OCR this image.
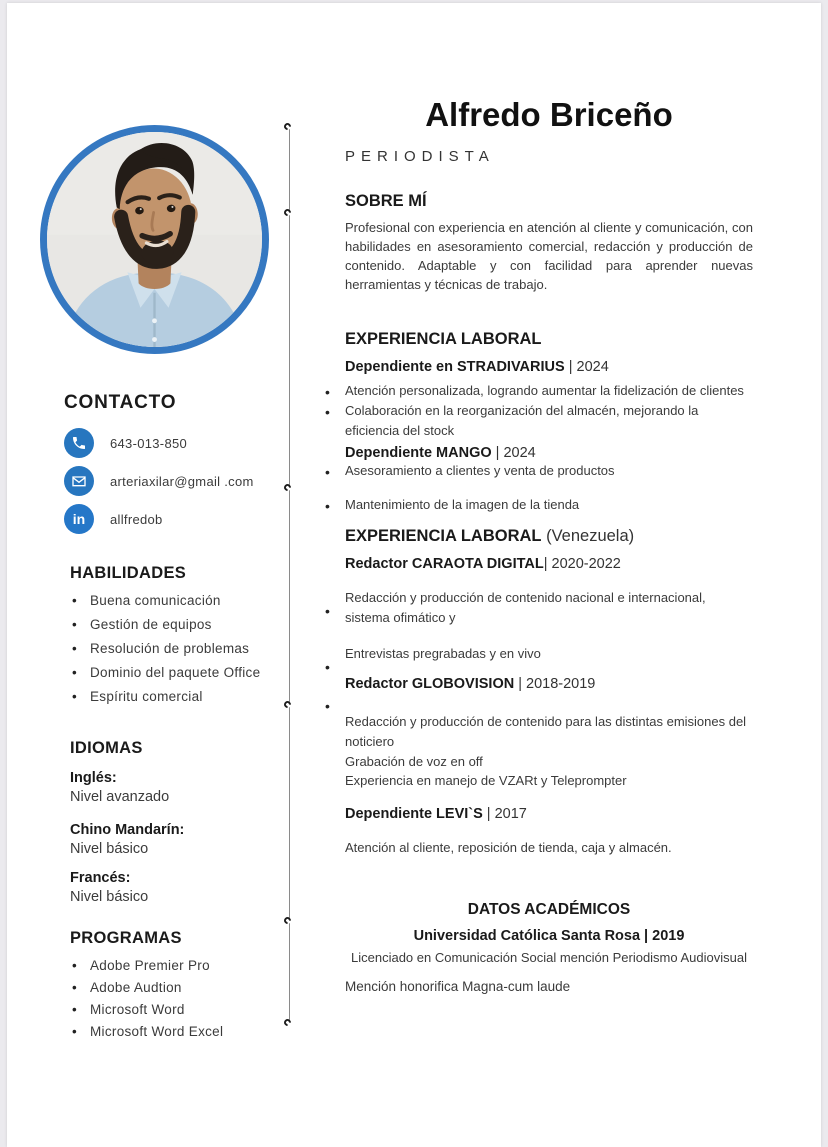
CONTACTO
643-013-850
arteriaxilar@gmail .com
in allfredob
HABILIDADES
• Buena comunicación
• Gestión de equipos
• Resolución de problemas
• Dominio del paquete Office
• Espíritu comercial
IDIOMAS
Inglés:
Nivel avanzado
Chino Mandarín:
Nivel básico
Francés:
Nivel básico
PROGRAMAS
• Adobe Premier Pro
• Adobe Audtion
• Microsoft Word
• Microsoft Word Excel
Alfredo Briceño
PERIODISTA
SOBRE MÍ

Profesional con experiencia en atención al cliente y comunicación, con habilidades en asesoramiento comercial, redacción y producción de contenido. Adaptable y con facilidad para aprender nuevas herramientas y técnicas de trabajo.

EXPERIENCIA LABORAL
Dependiente en STRADIVARIUS | 2024
• Atención personalizada, logrando aumentar la fidelización de clientes
• Colaboración en la reorganización del almacén, mejorando la eficiencia del stock
Dependiente MANGO | 2024
• Asesoramiento a clientes y venta de productos
• Mantenimiento de la imagen de la tienda
EXPERIENCIA LABORAL (Venezuela)
Redactor CARAOTA DIGITAL| 2020-2022
• Redacción y producción de contenido nacional e internacional, sistema ofimático y
• Entrevistas pregrabadas y en vivo
Redactor GLOBOVISION | 2018-2019
• Redacción y producción de contenido para las distintas emisiones del noticiero
Grabación de voz en off
Experiencia en manejo de VZARt y Teleprompter
Dependiente LEVI`S | 2017
Atención al cliente, reposición de tienda, caja y almacén.
DATOS ACADÉMICOS
Universidad Católica Santa Rosa | 2019
Licenciado en Comunicación Social mención Periodismo Audiovisual
Mención honorifica Magna-cum laude
